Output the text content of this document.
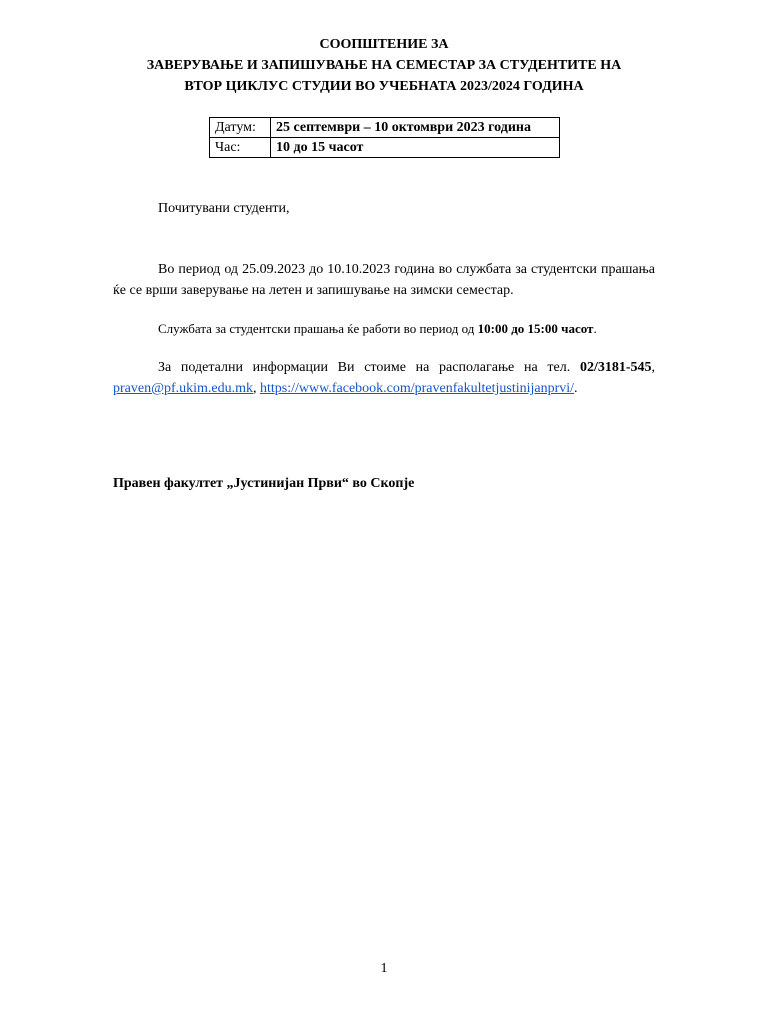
СООПШТЕНИЕ ЗА
ЗАВЕРУВАЊЕ И ЗАПИШУВАЊЕ НА СЕМЕСТАР ЗА СТУДЕНТИТЕ НА
ВТОР ЦИКЛУС СТУДИИ ВО УЧЕБНАТА 2023/2024 ГОДИНА
Датум:	25 септември – 10 октомври 2023 година
Час:	10 до 15 часот

Почитувани студенти,

Во период од 25.09.2023 до 10.10.2023 година во службата за студентски прашања ќе се врши заверување на летен и запишување на зимски семестар.

Службата за студентски прашања ќе работи во период од 10:00 до 15:00 часот.

За подетални информации Ви стоиме на располагање на тел. 02/3181-545, praven@pf.ukim.edu.mk, https://www.facebook.com/pravenfakultetjustinijanprvi/.

Правен факултет „Јустинијан Први“ во Скопје

1
